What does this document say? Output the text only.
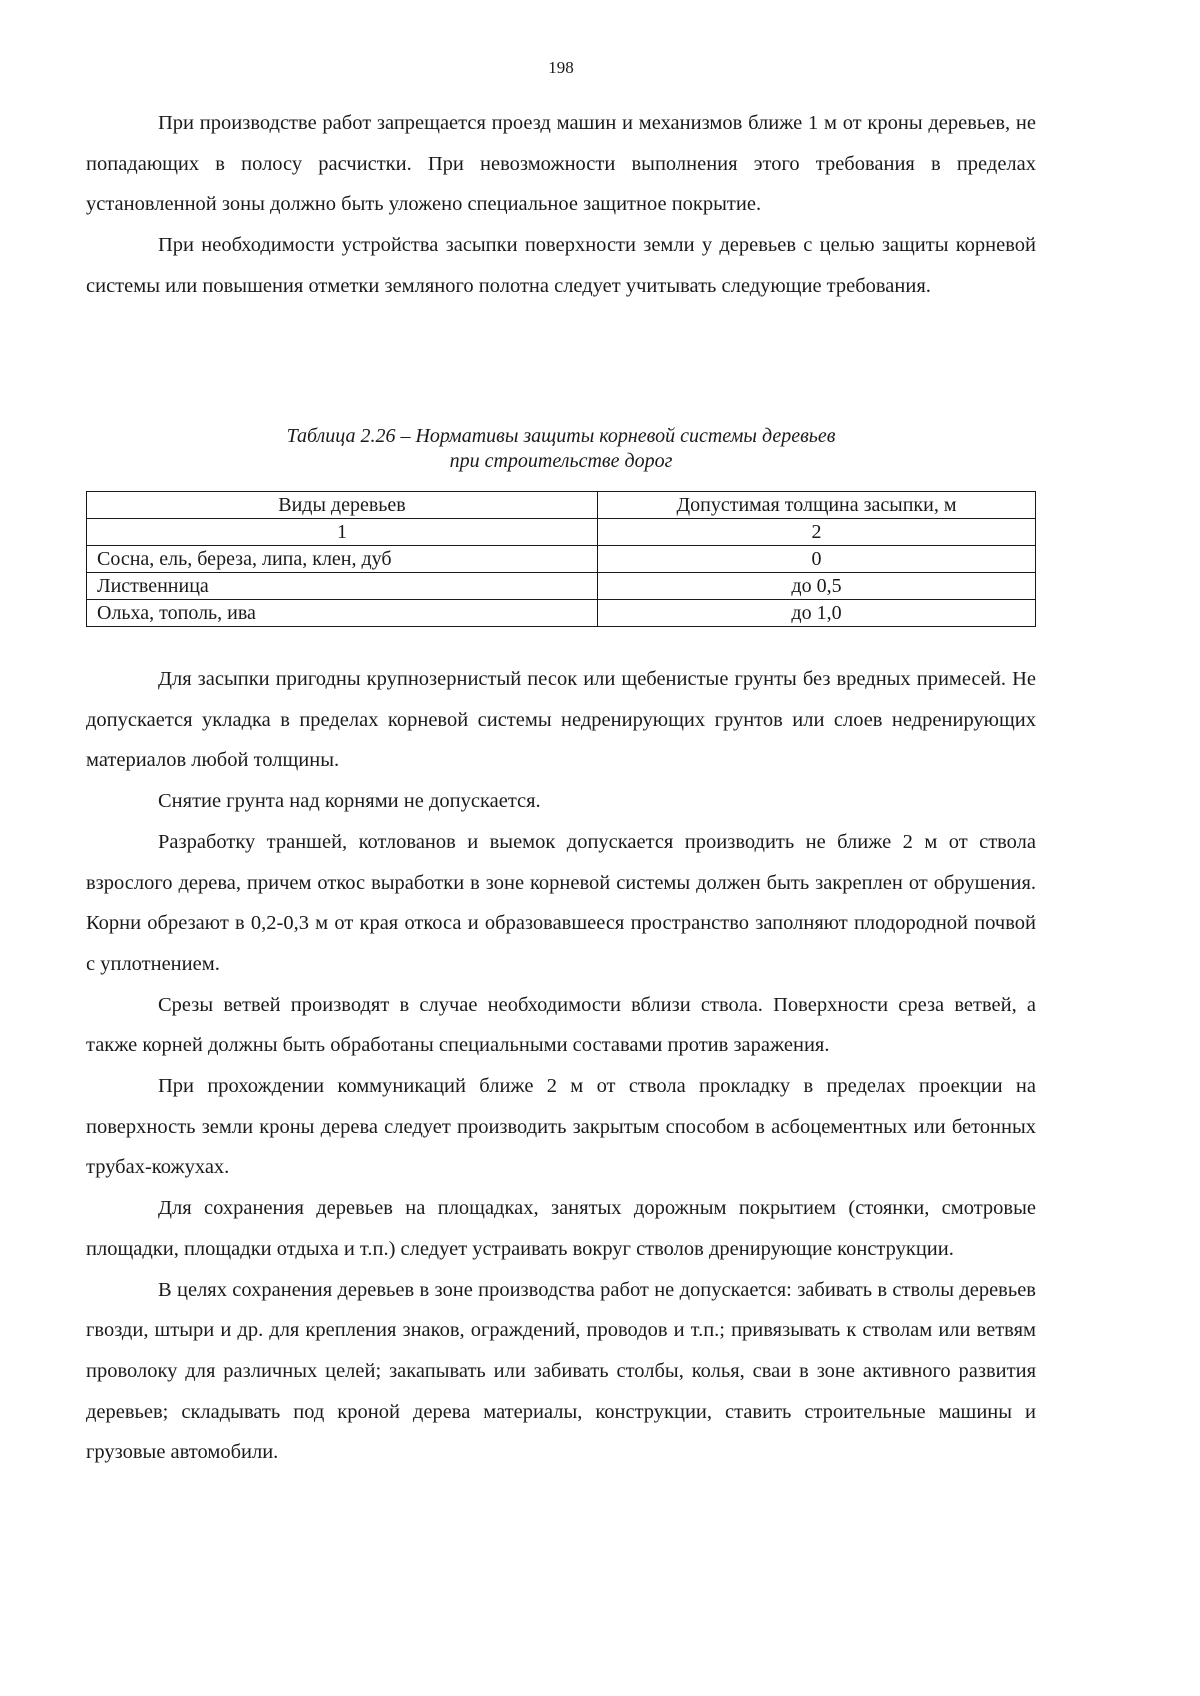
198

При производстве работ запрещается проезд машин и механизмов ближе 1 м от кроны деревьев, не попадающих в полосу расчистки. При невозможности выполнения этого требования в пределах установленной зоны должно быть уложено специальное защитное покрытие.

При необходимости устройства засыпки поверхности земли у деревьев с целью защиты корневой системы или повышения отметки земляного полотна следует учитывать следующие требования.

Таблица 2.26 – Нормативы защиты корневой системы деревьев
при строительстве дорог
Виды деревьев	Допустимая толщина засыпки, м
1	2
Сосна, ель, береза, липа, клен, дуб	0
Лиственница	до 0,5
Ольха, тополь, ива	до 1,0

Для засыпки пригодны крупнозернистый песок или щебенистые грунты без вредных примесей. Не допускается укладка в пределах корневой системы недренирующих грунтов или слоев недренирующих материалов любой толщины.

Снятие грунта над корнями не допускается.

Разработку траншей, котлованов и выемок допускается производить не ближе 2 м от ствола взрослого дерева, причем откос выработки в зоне корневой системы должен быть закреплен от обрушения. Корни обрезают в 0,2-0,3 м от края откоса и образовавшееся пространство заполняют плодородной почвой с уплотнением.

Срезы ветвей производят в случае необходимости вблизи ствола. Поверхности среза ветвей, а также корней должны быть обработаны специальными составами против заражения.

При прохождении коммуникаций ближе 2 м от ствола прокладку в пределах проекции на поверхность земли кроны дерева следует производить закрытым способом в асбоцементных или бетонных трубах-кожухах.

Для сохранения деревьев на площадках, занятых дорожным покрытием (стоянки, смотровые площадки, площадки отдыха и т.п.) следует устраивать вокруг стволов дренирующие конструкции.

В целях сохранения деревьев в зоне производства работ не допускается: забивать в стволы деревьев гвозди, штыри и др. для крепления знаков, ограждений, проводов и т.п.; привязывать к стволам или ветвям проволоку для различных целей; закапывать или забивать столбы, колья, сваи в зоне активного развития деревьев; складывать под кроной дерева материалы, конструкции, ставить строительные машины и грузовые автомобили.
